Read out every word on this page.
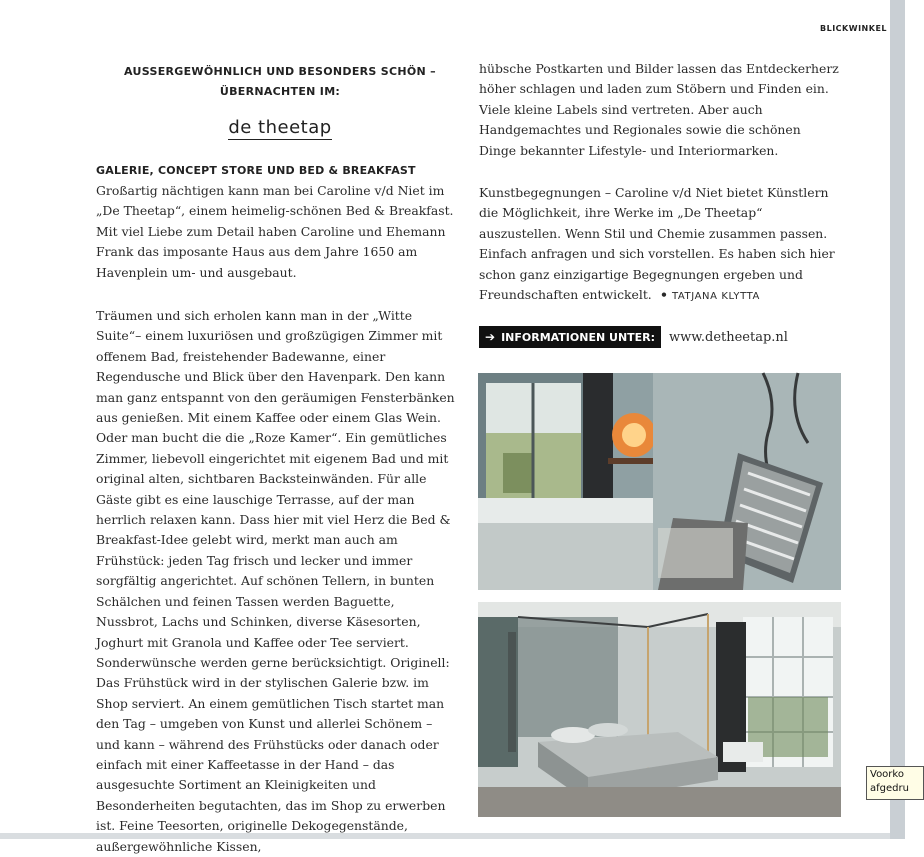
BLICKWINKEL
AUSSERGEWÖHNLICH UND BESONDERS SCHÖN –
ÜBERNACHTEN IM:
de theetap
GALERIE, CONCEPT STORE UND BED & BREAKFAST
Großartig nächtigen kann man bei Caroline v/d Niet im „De Theetap“, einem heimelig-schönen Bed & Breakfast. Mit viel Liebe zum Detail haben Caroline und Ehemann Frank das imposante Haus aus dem Jahre 1650 am Havenplein um- und ausgebaut.
Träumen und sich erholen kann man in der „Witte Suite“– einem luxuriösen und großzügigen Zimmer mit offenem Bad, freistehender Badewanne, einer Regendusche und Blick über den Havenpark. Den kann man ganz entspannt von den geräumigen Fensterbänken aus genießen. Mit einem Kaffee oder einem Glas Wein. Oder man bucht die die „Roze Kamer“. Ein gemütliches Zimmer, liebevoll eingerichtet mit eigenem Bad und mit original alten, sichtbaren Backsteinwänden. Für alle Gäste gibt es eine lauschige Terrasse, auf der man herrlich relaxen kann. Dass hier mit viel Herz die Bed & Breakfast-Idee gelebt wird, merkt man auch am Frühstück: jeden Tag frisch und lecker und immer sorgfältig angerichtet. Auf schönen Tellern, in bunten Schälchen und feinen Tassen werden Baguette, Nussbrot, Lachs und Schinken, diverse Käsesorten, Joghurt mit Granola und Kaffee oder Tee serviert. Sonderwünsche werden gerne berücksichtigt. Originell: Das Frühstück wird in der stylischen Galerie bzw. im Shop serviert. An einem gemütlichen Tisch startet man den Tag – umgeben von Kunst und allerlei Schönem – und kann – während des Frühstücks oder danach oder einfach mit einer Kaffeetasse in der Hand – das ausgesuchte Sortiment an Kleinigkeiten und Besonderheiten begutachten, das im Shop zu erwerben ist. Feine Teesorten, originelle Dekogegenstände, außergewöhnliche Kissen,
hübsche Postkarten und Bilder lassen das Entdeckerherz höher schlagen und laden zum Stöbern und Finden ein. Viele kleine Labels sind vertreten. Aber auch Handgemachtes und Regionales sowie die schönen Dinge bekannter Lifestyle- und Interiormarken.
Kunstbegegnungen – Caroline v/d Niet bietet Künstlern die Möglichkeit, ihre Werke im „De Theetap“ auszustellen. Wenn Stil und Chemie zusammen passen. Einfach anfragen und sich vorstellen. Es haben sich hier schon ganz einzigartige Begegnungen ergeben und Freundschaften entwickelt.  • TATJANA KLYTTA
➔ INFORMATIONEN UNTER: www.detheetap.nl
Voorko
afgedru
